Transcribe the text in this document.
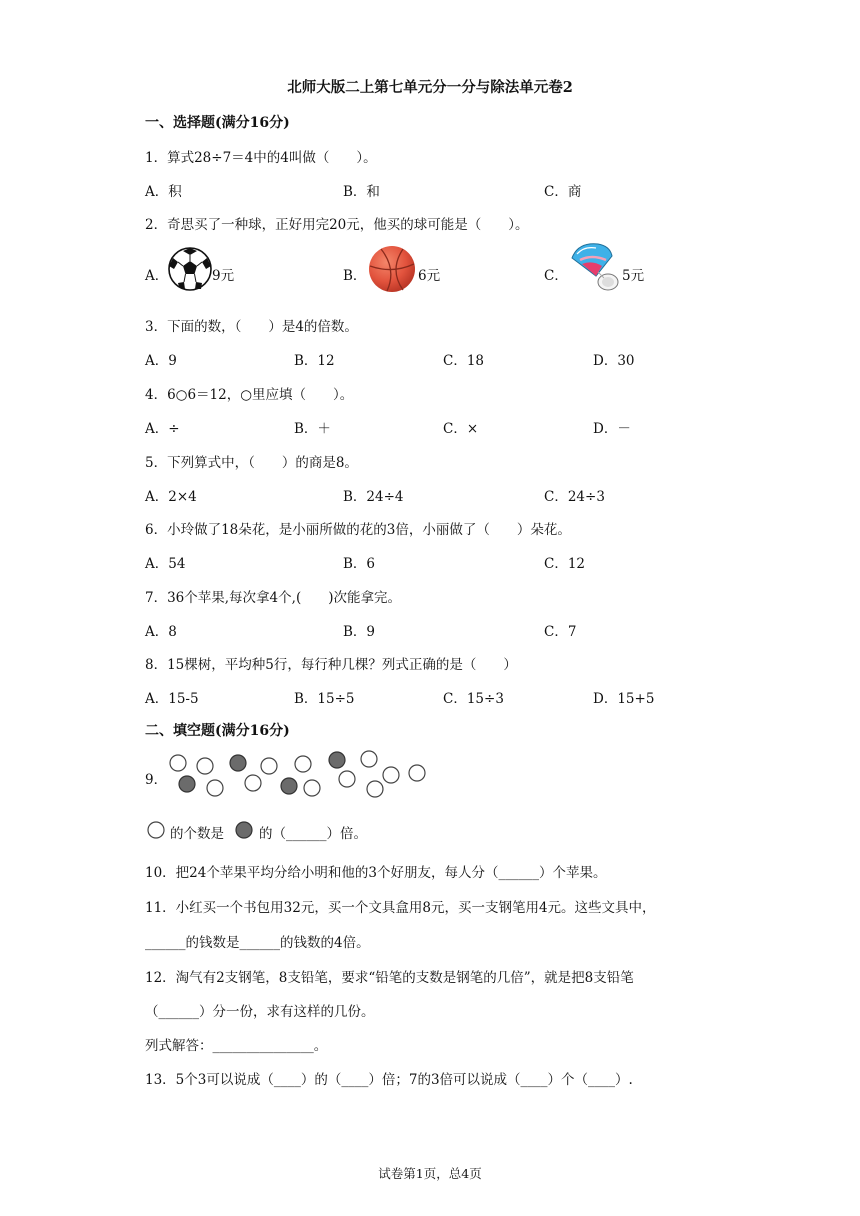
北师大版二上第七单元分一分与除法单元卷2
一、选择题(满分16分)
1．算式28÷7＝4中的4叫做（　　）。
A．积	B．和	C．商
2．奇思买了一种球，正好用完20元，他买的球可能是（　　）。
A．	9元	B．	6元	C．	5元
3．下面的数，（　　）是4的倍数。
A．9	B．12	C．18	D．30
4．6○6＝12，○里应填（　　）。
A．÷	B．＋	C．×	D．－
5．下列算式中，（　　）的商是8。
A．2×4	B．24÷4	C．24÷3
6．小玲做了18朵花，是小丽所做的花的3倍，小丽做了（　　）朵花。
A．54	B．6	C．12
7．36个苹果,每次拿4个,(　　)次能拿完。
A．8	B．9	C．7
8．15棵树，平均种5行，每行种几棵？列式正确的是（　　）
A．15-5	B．15÷5	C．15÷3	D．15+5
二、填空题(满分16分)
9．
的个数是	的（______）倍。
10．把24个苹果平均分给小明和他的3个好朋友，每人分（______）个苹果。
11．小红买一个书包用32元，买一个文具盒用8元，买一支钢笔用4元。这些文具中，
______的钱数是______的钱数的4倍。
12．淘气有2支钢笔，8支铅笔，要求“铅笔的支数是钢笔的几倍”，就是把8支铅笔
（______）分一份，求有这样的几份。
列式解答：_______________。
13．5个3可以说成（____）的（____）倍；7的3倍可以说成（____）个（____）.
试卷第1页，总4页
